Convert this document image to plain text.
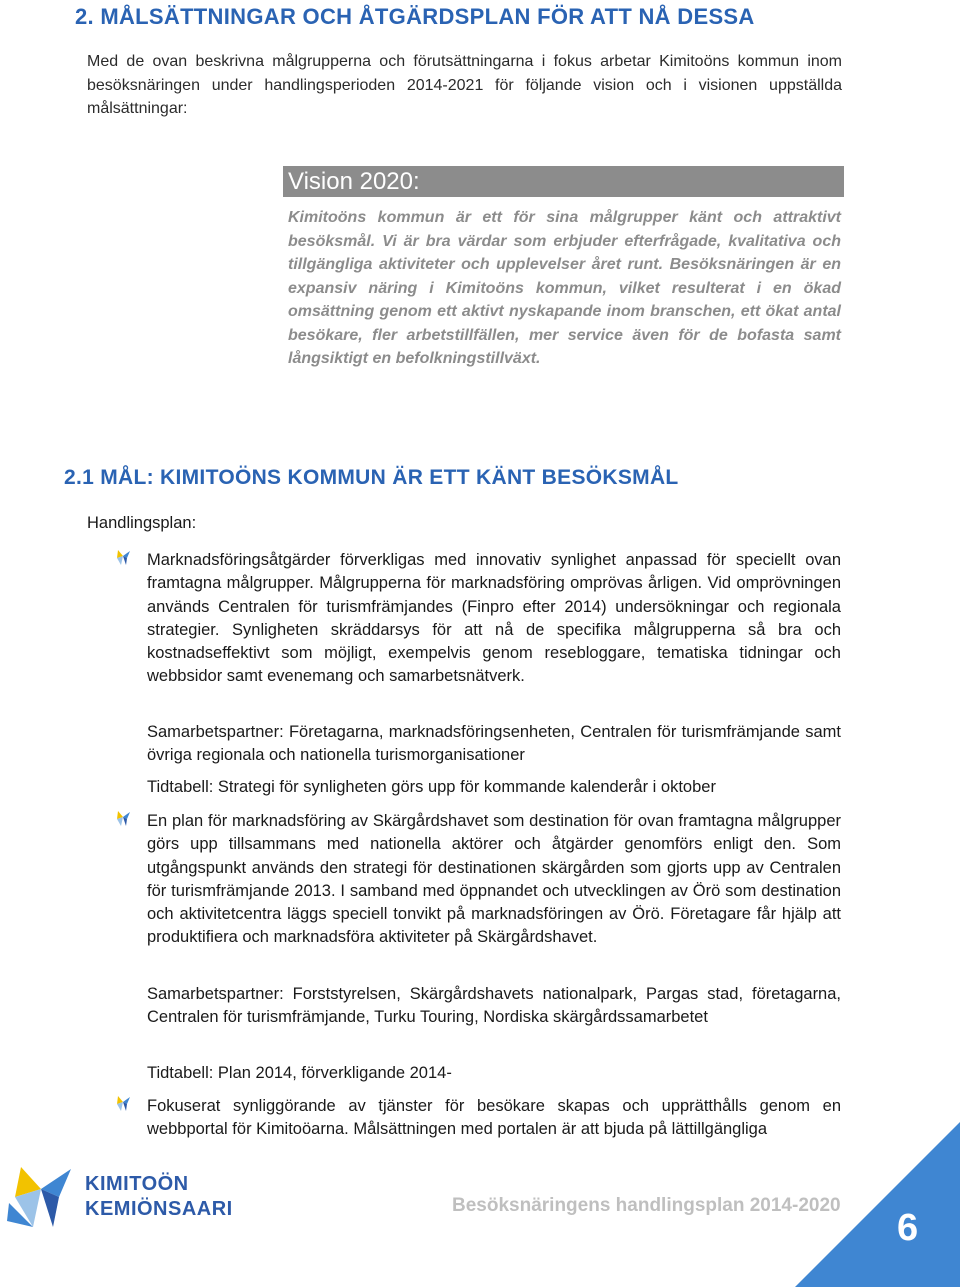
2. MÅLSÄTTNINGAR OCH ÅTGÄRDSPLAN FÖR ATT NÅ DESSA
Med de ovan beskrivna målgrupperna och förutsättningarna i fokus arbetar Kimitoöns kommun inom besöksnäringen under handlingsperioden 2014-2021 för följande vision och i visionen uppställda målsättningar:
Vision 2020:
Kimitoöns kommun är ett för sina målgrupper känt och attraktivt besöksmål. Vi är bra värdar som erbjuder efterfrågade, kvalitativa och tillgängliga aktiviteter och upplevelser året runt. Besöksnäringen är en expansiv näring i Kimitoöns kommun, vilket resulterat i en ökad omsättning genom ett aktivt nyskapande inom branschen, ett ökat antal besökare, fler arbetstillfällen, mer service även för de bofasta samt långsiktigt en befolkningstillväxt.
2.1 MÅL: KIMITOÖNS KOMMUN ÄR ETT KÄNT BESÖKSMÅL
Handlingsplan:
Marknadsföringsåtgärder förverkligas med innovativ synlighet anpassad för speciellt ovan framtagna målgrupper. Målgrupperna för marknadsföring omprövas årligen. Vid omprövningen används Centralen för turismfrämjandes (Finpro efter 2014) undersökningar och regionala strategier. Synligheten skräddarsys för att nå de specifika målgrupperna så bra och kostnadseffektivt som möjligt, exempelvis genom resebloggare, tematiska tidningar och webbsidor samt evenemang och samarbetsnätverk.
Samarbetspartner: Företagarna, marknadsföringsenheten, Centralen för turismfrämjande samt övriga regionala och nationella turismorganisationer
Tidtabell: Strategi för synligheten görs upp för kommande kalenderår i oktober
En plan för marknadsföring av Skärgårdshavet som destination för ovan framtagna målgrupper görs upp tillsammans med nationella aktörer och åtgärder genomförs enligt den. Som utgångspunkt används den strategi för destinationen skärgården som gjorts upp av Centralen för turismfrämjande 2013. I samband med öppnandet och utvecklingen av Örö som destination och aktivitetcentra läggs speciell tonvikt på marknadsföringen av Örö. Företagare får hjälp att produktifiera och marknadsföra aktiviteter på Skärgårdshavet.
Samarbetspartner: Forststyrelsen, Skärgårdshavets nationalpark, Pargas stad, företagarna, Centralen för turismfrämjande, Turku Touring, Nordiska skärgårdssamarbetet
Tidtabell: Plan 2014, förverkligande 2014-
Fokuserat synliggörande av tjänster för besökare skapas och upprätthålls genom en webbportal för Kimitoöarna. Målsättningen med portalen är att bjuda på lättillgängliga
KIMITOÖN
KEMIÖNSAARI	Besöksnäringens handlingsplan 2014-2020
6
